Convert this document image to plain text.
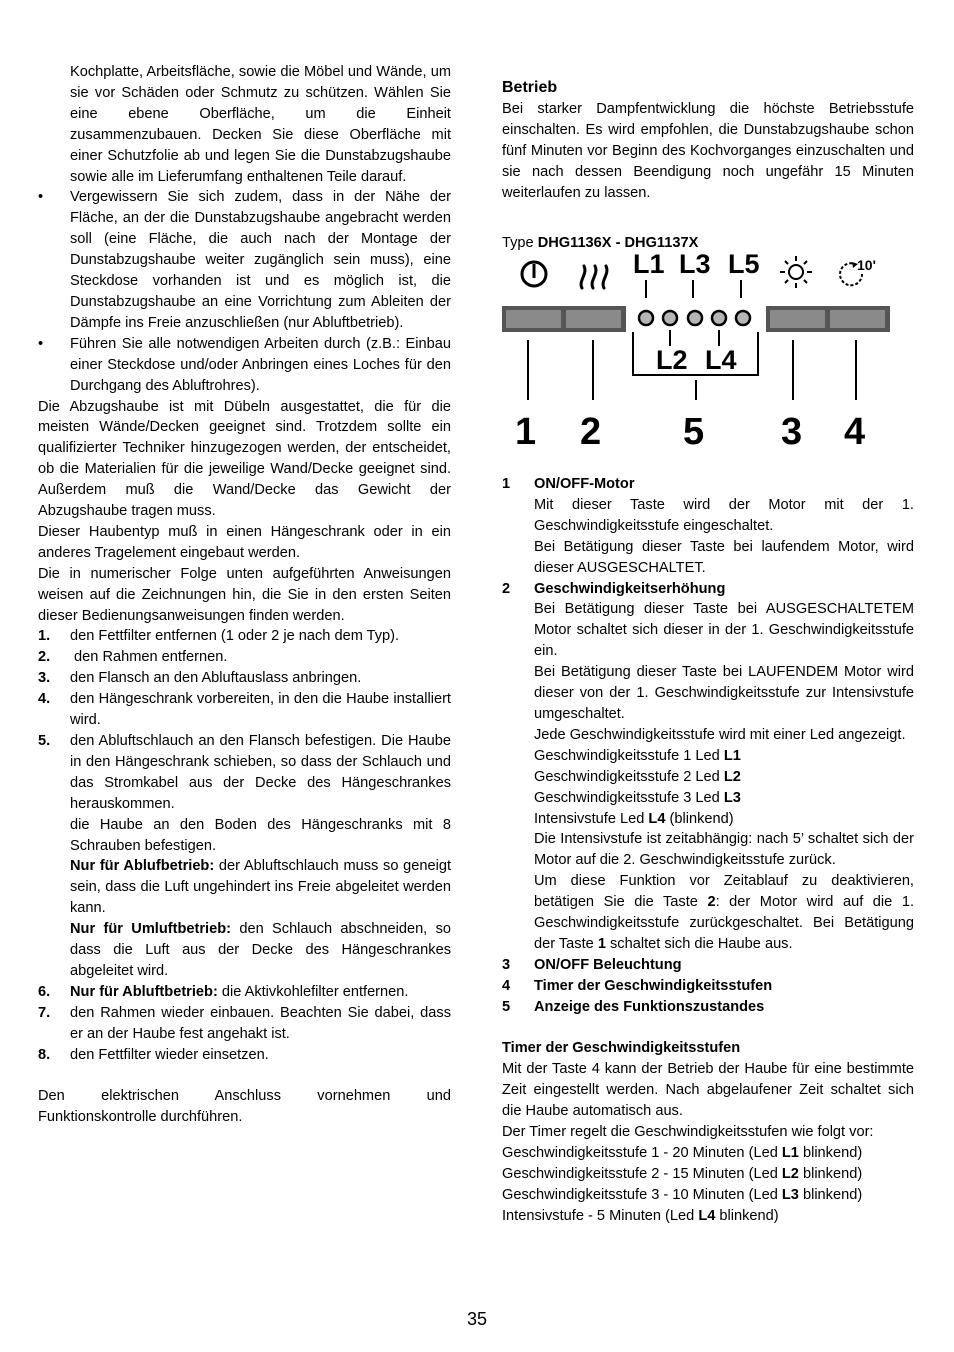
Kochplatte, Arbeitsfläche, sowie die Möbel und Wände, um sie vor Schäden oder Schmutz zu schützen. Wählen Sie eine ebene Oberfläche, um die Einheit zusammenzubauen. Decken Sie diese Oberfläche mit einer Schutzfolie ab und legen Sie die Dunstabzugshaube sowie alle im Lieferumfang enthaltenen Teile darauf.
• Vergewissern Sie sich zudem, dass in der Nähe der Fläche, an der die Dunstabzugshaube angebracht werden soll (eine Fläche, die auch nach der Montage der Dunstabzugshaube weiter zugänglich sein muss), eine Steckdose vorhanden ist und es möglich ist, die Dunstabzugshaube an eine Vorrichtung zum Ableiten der Dämpfe ins Freie anzuschließen (nur Abluftbetrieb).
• Führen Sie alle notwendigen Arbeiten durch (z.B.: Einbau einer Steckdose und/oder Anbringen eines Loches für den Durchgang des Abluftrohres).
Die Abzugshaube ist mit Dübeln ausgestattet, die für die meisten Wände/Decken geeignet sind. Trotzdem sollte ein qualifizierter Techniker hinzugezogen werden, der entscheidet, ob die Materialien für die jeweilige Wand/Decke geeignet sind. Außerdem muß die Wand/Decke das Gewicht der Abzugshaube tragen muss.
Dieser Haubentyp muß in einen Hängeschrank oder in ein anderes Tragelement eingebaut werden.
Die in numerischer Folge unten aufgeführten Anweisungen weisen auf die Zeichnungen hin, die Sie in den ersten Seiten dieser Bedienungsanweisungen finden werden.
1. den Fettfilter entfernen (1 oder 2 je nach dem Typ).
2. den Rahmen entfernen.
3. den Flansch an den Abluftauslass anbringen.
4. den Hängeschrank vorbereiten, in den die Haube installiert wird.
5. den Abluftschlauch an den Flansch befestigen. Die Haube in den Hängeschrank schieben, so dass der Schlauch und das Stromkabel aus der Decke des Hängeschrankes herauskommen.
die Haube an den Boden des Hängeschranks mit 8 Schrauben befestigen.
Nur für Ablufbetrieb: der Abluftschlauch muss so geneigt sein, dass die Luft ungehindert ins Freie abgeleitet werden kann.
Nur für Umluftbetrieb: den Schlauch abschneiden, so dass die Luft aus der Decke des Hängeschrankes abgeleitet wird.
6. Nur für Abluftbetrieb: die Aktivkohlefilter entfernen.
7. den Rahmen wieder einbauen. Beachten Sie dabei, dass er an der Haube fest angehakt ist.
8. den Fettfilter wieder einsetzen.
Den elektrischen Anschluss vornehmen und
Funktionskontrolle durchführen.
Betrieb
Bei starker Dampfentwicklung die höchste Betriebsstufe einschalten. Es wird empfohlen, die Dunstabzugshaube schon fünf Minuten vor Beginn des Kochvorganges einzuschalten und sie nach dessen Beendigung noch ungefähr 15 Minuten weiterlaufen zu lassen.
Type DHG1136X - DHG1137X
L1 L3 L5	10'
L2 L4
1 2 5 3 4
1 ON/OFF-Motor
Mit dieser Taste wird der Motor mit der 1. Geschwindigkeitsstufe eingeschaltet.
Bei Betätigung dieser Taste bei laufendem Motor, wird dieser AUSGESCHALTET.
2 Geschwindigkeitserhöhung
Bei Betätigung dieser Taste bei AUSGESCHALTETEM Motor schaltet sich dieser in der 1. Geschwindigkeitsstufe ein.
Bei Betätigung dieser Taste bei LAUFENDEM Motor wird dieser von der 1. Geschwindigkeitsstufe zur Intensivstufe umgeschaltet.
Jede Geschwindigkeitsstufe wird mit einer Led angezeigt.
Geschwindigkeitsstufe 1 Led L1
Geschwindigkeitsstufe 2 Led L2
Geschwindigkeitsstufe 3 Led L3
Intensivstufe Led L4 (blinkend)
Die Intensivstufe ist zeitabhängig: nach 5’ schaltet sich der Motor auf die 2. Geschwindigkeitsstufe zurück.
Um diese Funktion vor Zeitablauf zu deaktivieren, betätigen Sie die Taste 2: der Motor wird auf die 1. Geschwindigkeitsstufe zurückgeschaltet. Bei Betätigung der Taste 1 schaltet sich die Haube aus.
3 ON/OFF Beleuchtung
4 Timer der Geschwindigkeitsstufen
5 Anzeige des Funktionszustandes
Timer der Geschwindigkeitsstufen
Mit der Taste 4 kann der Betrieb der Haube für eine bestimmte Zeit eingestellt werden. Nach abgelaufener Zeit schaltet sich die Haube automatisch aus.
Der Timer regelt die Geschwindigkeitsstufen wie folgt vor:
Geschwindigkeitsstufe 1 - 20 Minuten (Led L1 blinkend)
Geschwindigkeitsstufe 2 - 15 Minuten (Led L2 blinkend)
Geschwindigkeitsstufe 3 - 10 Minuten (Led L3 blinkend)
Intensivstufe - 5 Minuten (Led L4 blinkend)
35
